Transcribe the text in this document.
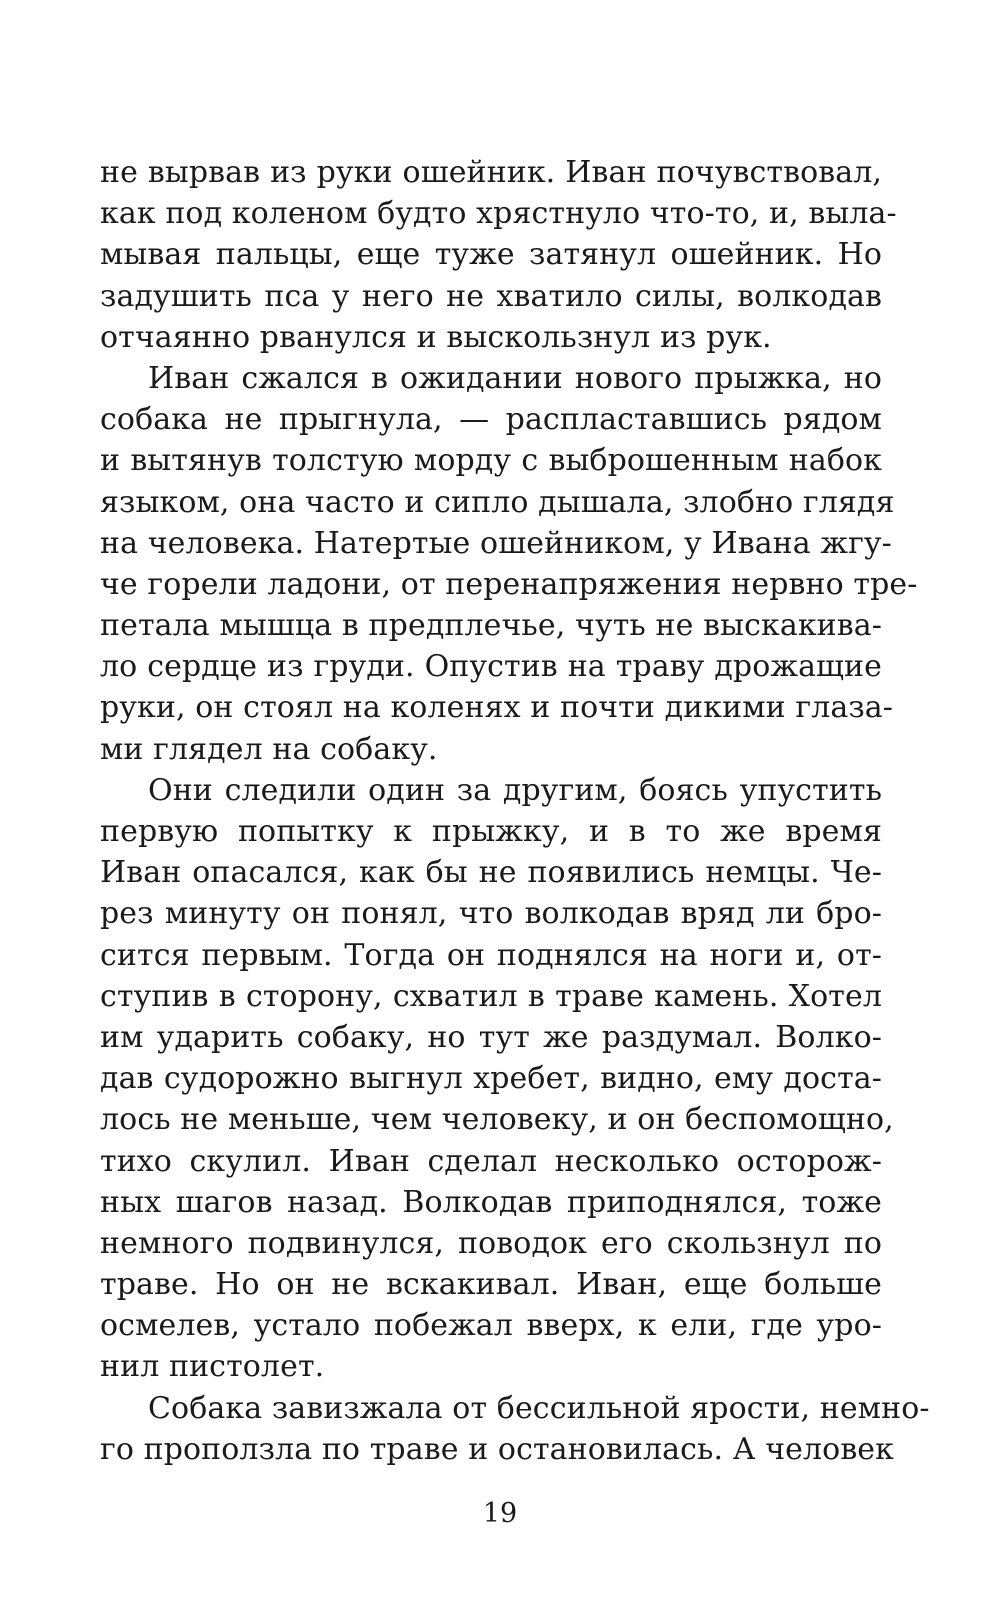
не вырвав из руки ошейник. Иван почувствовал,
как под коленом будто хрястнуло что-то, и, выла-
мывая пальцы, еще туже затянул ошейник. Но
задушить пса у него не хватило силы, волкодав
отчаянно рванулся и выскользнул из рук.

Иван сжался в ожидании нового прыжка, но
собака не прыгнула, — распластавшись рядом
и вытянув толстую морду с выброшенным набок
языком, она часто и сипло дышала, злобно глядя
на человека. Натертые ошейником, у Ивана жгу-
че горели ладони, от перенапряжения нервно тре-
петала мышца в предплечье, чуть не выскакива-
ло сердце из груди. Опустив на траву дрожащие
руки, он стоял на коленях и почти дикими глаза-
ми глядел на собаку.

Они следили один за другим, боясь упустить
первую попытку к прыжку, и в то же время
Иван опасался, как бы не появились немцы. Че-
рез минуту он понял, что волкодав вряд ли бро-
сится первым. Тогда он поднялся на ноги и, от-
ступив в сторону, схватил в траве камень. Хотел
им ударить собаку, но тут же раздумал. Волко-
дав судорожно выгнул хребет, видно, ему доста-
лось не меньше, чем человеку, и он беспомощно,
тихо скулил. Иван сделал несколько осторож-
ных шагов назад. Волкодав приподнялся, тоже
немного подвинулся, поводок его скользнул по
траве. Но он не вскакивал. Иван, еще больше
осмелев, устало побежал вверх, к ели, где уро-
нил пистолет.

Собака завизжала от бессильной ярости, немно-
го проползла по траве и остановилась. А человек

19
